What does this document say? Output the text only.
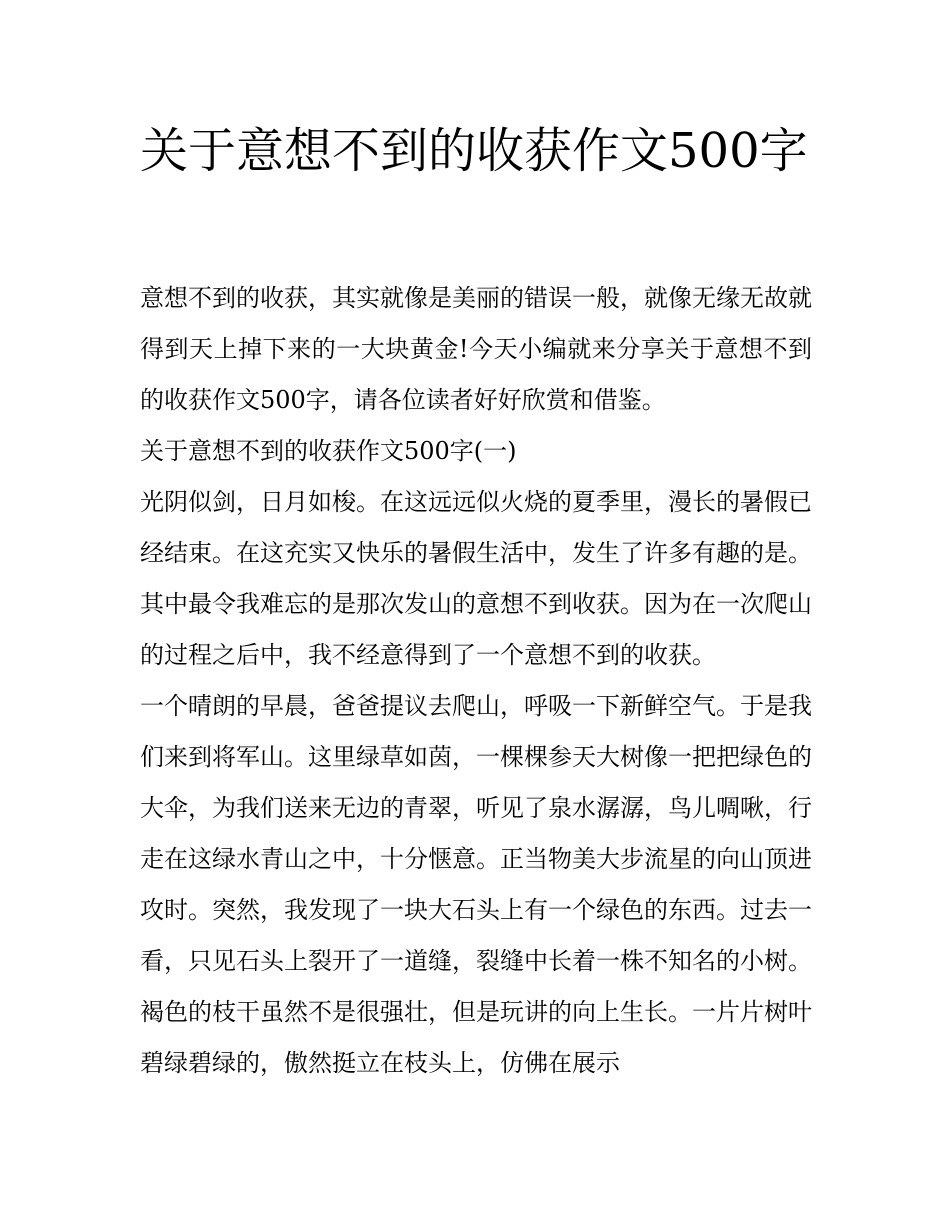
关于意想不到的收获作文500字

意想不到的收获，其实就像是美丽的错误一般，就像无缘无故就得到天上掉下来的一大块黄金!今天小编就来分享关于意想不到的收获作文500字，请各位读者好好欣赏和借鉴。

关于意想不到的收获作文500字(一)

光阴似剑，日月如梭。在这远远似火烧的夏季里，漫长的暑假已经结束。在这充实又快乐的暑假生活中，发生了许多有趣的是。其中最令我难忘的是那次发山的意想不到收获。因为在一次爬山的过程之后中，我不经意得到了一个意想不到的收获。

一个晴朗的早晨，爸爸提议去爬山，呼吸一下新鲜空气。于是我们来到将军山。这里绿草如茵，一棵棵参天大树像一把把绿色的大伞，为我们送来无边的青翠，听见了泉水潺潺，鸟儿啁啾，行走在这绿水青山之中，十分惬意。正当物美大步流星的向山顶进攻时。突然，我发现了一块大石头上有一个绿色的东西。过去一看，只见石头上裂开了一道缝，裂缝中长着一株不知名的小树。褐色的枝干虽然不是很强壮，但是玩讲的向上生长。一片片树叶碧绿碧绿的，傲然挺立在枝头上，仿佛在展示
